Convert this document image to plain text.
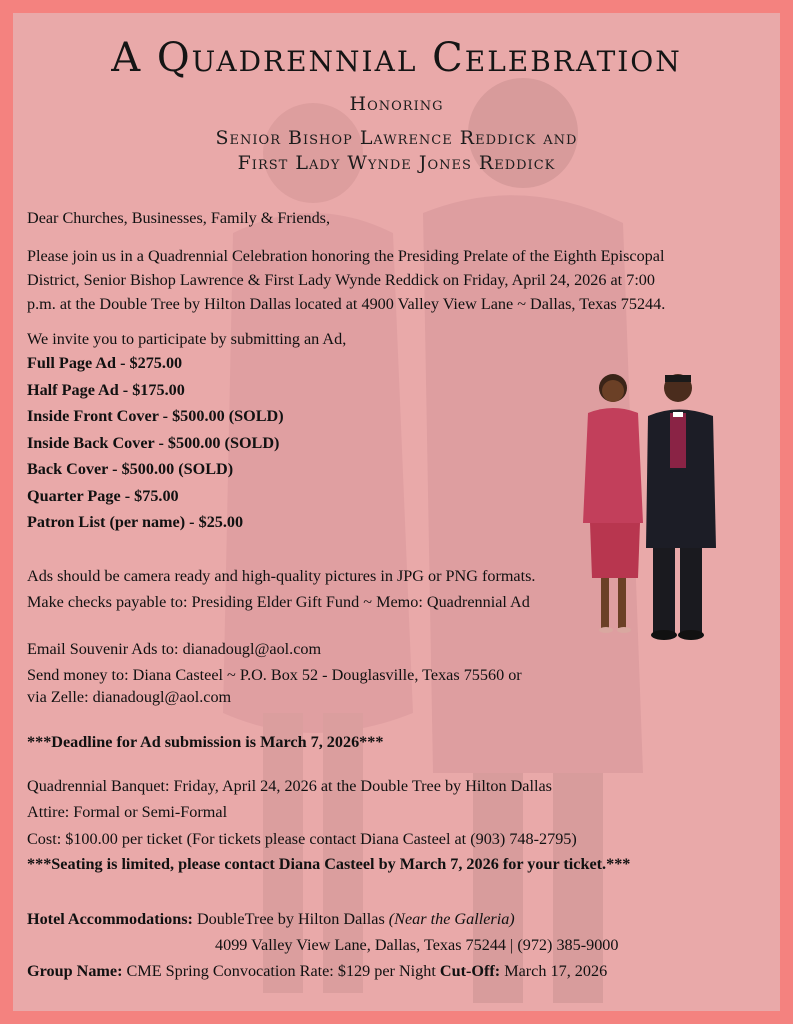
A Quadrennial Celebration
Honoring
Senior Bishop Lawrence Reddick and
First Lady Wynde Jones Reddick
Dear Churches, Businesses, Family & Friends,
Please join us in a Quadrennial Celebration honoring the Presiding Prelate of the Eighth Episcopal
District, Senior Bishop Lawrence & First Lady Wynde Reddick on Friday, April 24, 2026 at 7:00
p.m. at the Double Tree by Hilton Dallas located at 4900 Valley View Lane ~ Dallas, Texas 75244.
We invite you to participate by submitting an Ad,
Full Page Ad - $275.00
Half Page Ad - $175.00
Inside Front Cover - $500.00 (SOLD)
Inside Back Cover - $500.00 (SOLD)
Back Cover - $500.00 (SOLD)
Quarter Page - $75.00
Patron List (per name) - $25.00
Ads should be camera ready and high-quality pictures in JPG or PNG formats.
Make checks payable to: Presiding Elder Gift Fund ~ Memo: Quadrennial Ad
Email Souvenir Ads to: dianadougl@aol.com
Send money to: Diana Casteel ~ P.O. Box 52 - Douglasville, Texas 75560 or
via Zelle: dianadougl@aol.com
***Deadline for Ad submission is March 7, 2026***
Quadrennial Banquet: Friday, April 24, 2026 at the Double Tree by Hilton Dallas
Attire: Formal or Semi-Formal
Cost: $100.00 per ticket (For tickets please contact Diana Casteel at (903) 748-2795)
***Seating is limited, please contact Diana Casteel by March 7, 2026 for your ticket.***
Hotel Accommodations: DoubleTree by Hilton Dallas (Near the Galleria)
4099 Valley View Lane, Dallas, Texas 75244 | (972) 385-9000
Group Name: CME Spring Convocation Rate: $129 per Night Cut-Off: March 17, 2026
